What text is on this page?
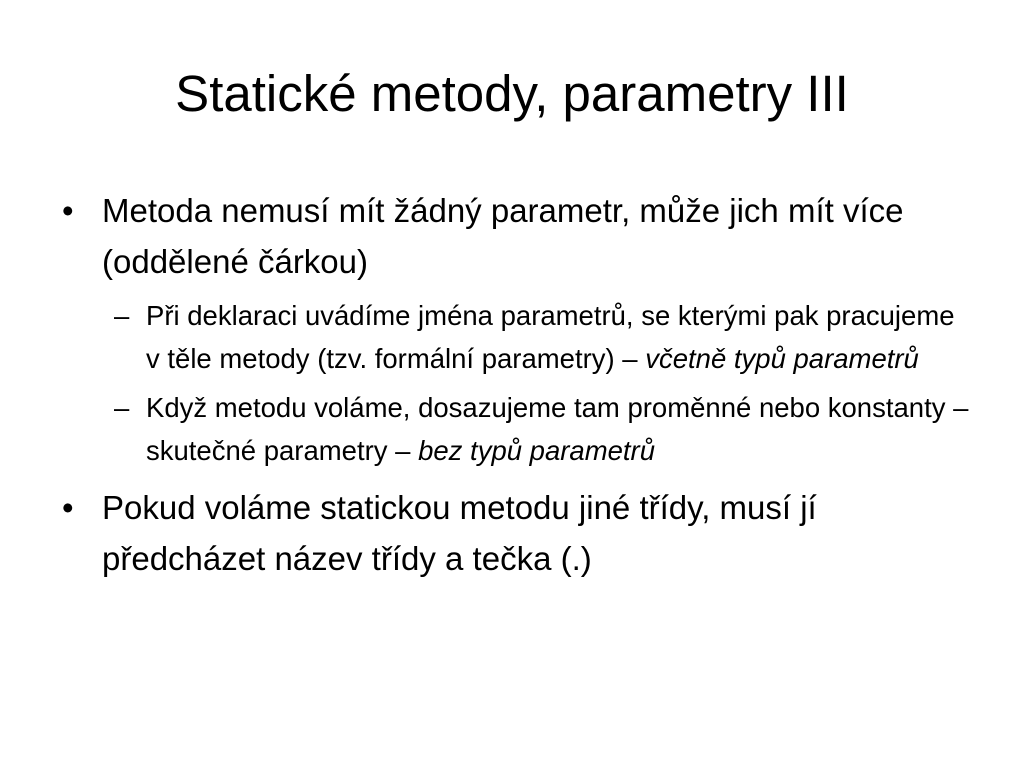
Statické metody, parametry III
• Metoda nemusí mít žádný parametr, může jich mít více (oddělené čárkou)
– Při deklaraci uvádíme jména parametrů, se kterými pak pracujeme v těle metody (tzv. formální parametry) – včetně typů parametrů
– Když metodu voláme, dosazujeme tam proměnné nebo konstanty – skutečné parametry – bez typů parametrů
• Pokud voláme statickou metodu jiné třídy, musí jí předcházet název třídy a tečka (.)
